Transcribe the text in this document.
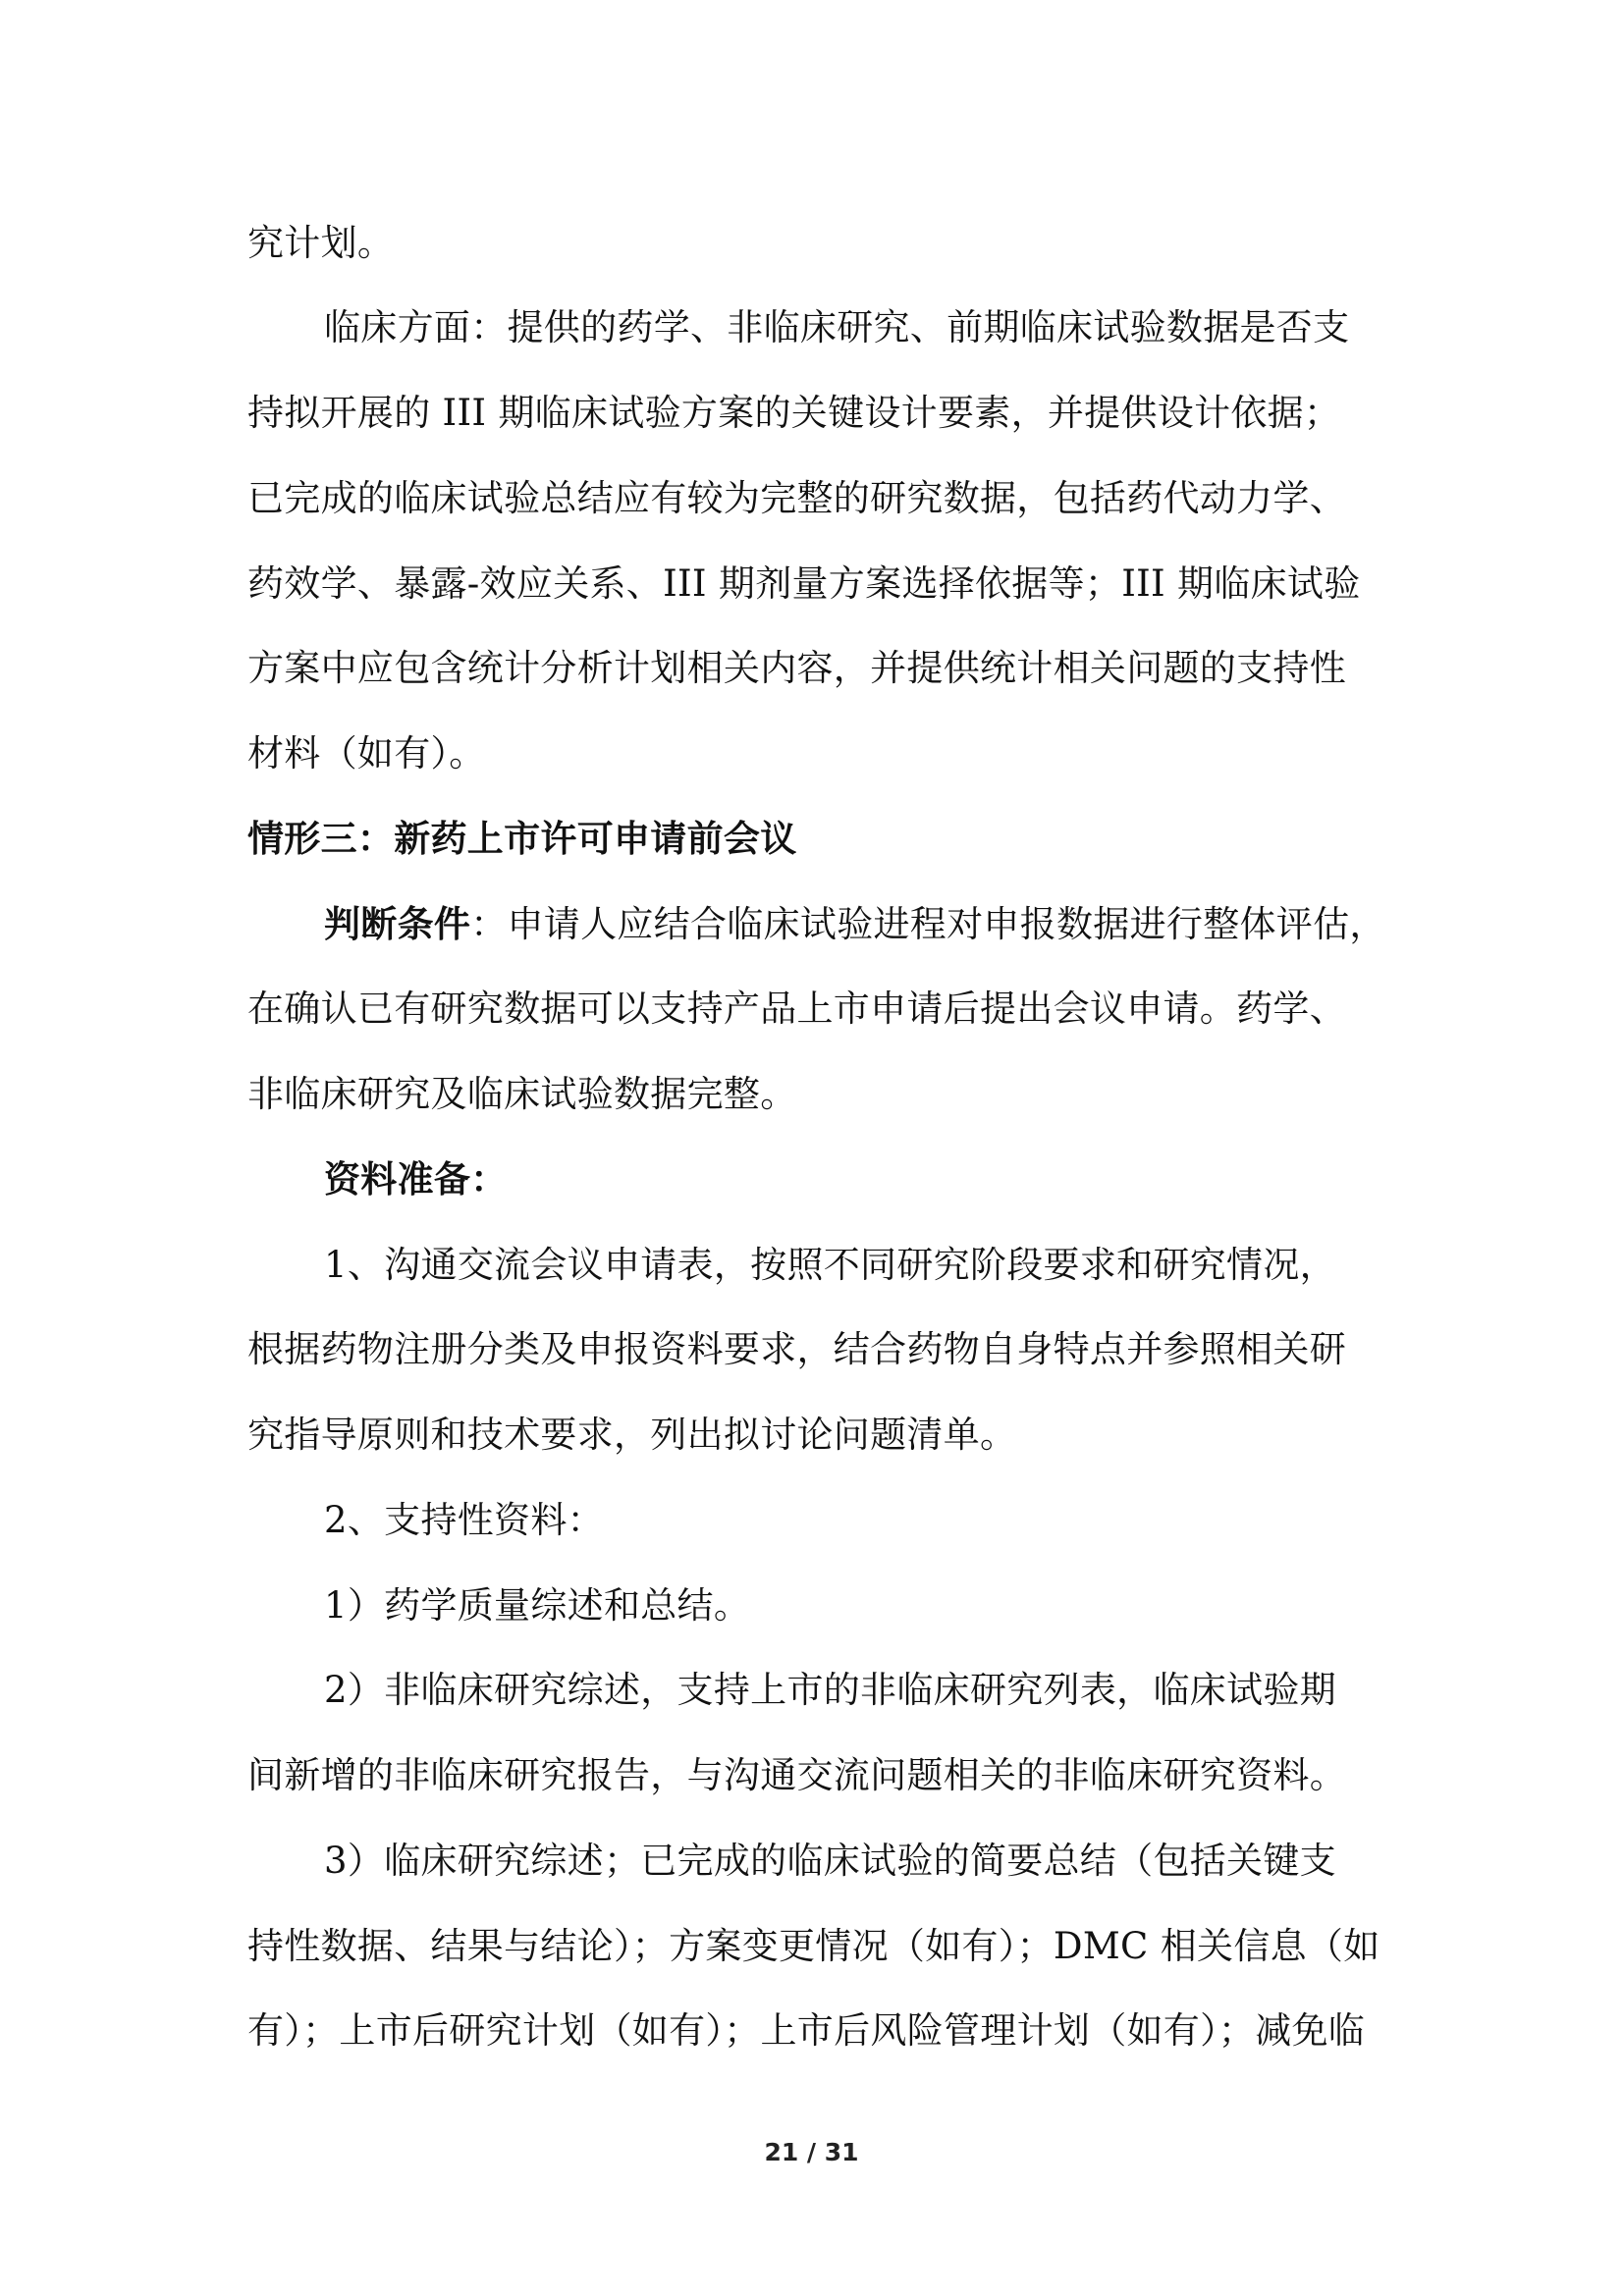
究计划。
临床方面：提供的药学、非临床研究、前期临床试验数据是否支
持拟开展的 III 期临床试验方案的关键设计要素，并提供设计依据；
已完成的临床试验总结应有较为完整的研究数据，包括药代动力学、
药效学、暴露-效应关系、III 期剂量方案选择依据等；III 期临床试验
方案中应包含统计分析计划相关内容，并提供统计相关问题的支持性
材料（如有）。
情形三：新药上市许可申请前会议
判断条件：申请人应结合临床试验进程对申报数据进行整体评估，
在确认已有研究数据可以支持产品上市申请后提出会议申请。药学、
非临床研究及临床试验数据完整。
资料准备：
1、沟通交流会议申请表，按照不同研究阶段要求和研究情况，
根据药物注册分类及申报资料要求，结合药物自身特点并参照相关研
究指导原则和技术要求，列出拟讨论问题清单。
2、支持性资料：
1）药学质量综述和总结。
2）非临床研究综述，支持上市的非临床研究列表，临床试验期
间新增的非临床研究报告，与沟通交流问题相关的非临床研究资料。
3）临床研究综述；已完成的临床试验的简要总结（包括关键支
持性数据、结果与结论）；方案变更情况（如有）；DMC 相关信息（如
有）；上市后研究计划（如有）；上市后风险管理计划（如有）；减免临
21 / 31
